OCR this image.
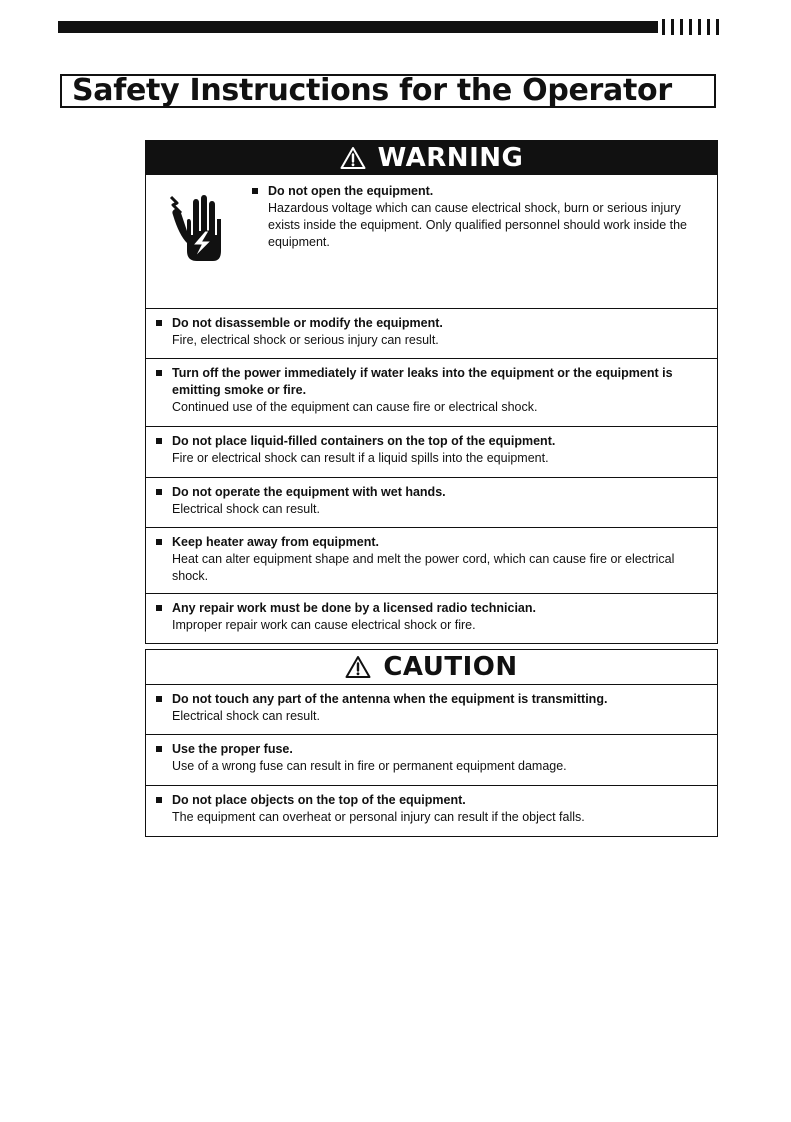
Safety Instructions for the Operator
WARNING
Do not open the equipment.
Hazardous voltage which can cause electrical shock, burn or serious injury exists inside the equipment. Only qualified personnel should work inside the equipment.
Do not disassemble or modify the equipment.
Fire, electrical shock or serious injury can result.
Turn off the power immediately if water leaks into the equipment or the equipment is emitting smoke or fire.
Continued use of the equipment can cause fire or electrical shock.
Do not place liquid-filled containers on the top of the equipment.
Fire or electrical shock can result if a liquid spills into the equipment.
Do not operate the equipment with wet hands.
Electrical shock can result.
Keep heater away from equipment.
Heat can alter equipment shape and melt the power cord, which can cause fire or electrical shock.
Any repair work must be done by a licensed radio technician.
Improper repair work can cause electrical shock or fire.
CAUTION
Do not touch any part of the antenna when the equipment is transmitting.
Electrical shock can result.
Use the proper fuse.
Use of a wrong fuse can result in fire or permanent equipment damage.
Do not place objects on the top of the equipment.
The equipment can overheat or personal injury can result if the object falls.
